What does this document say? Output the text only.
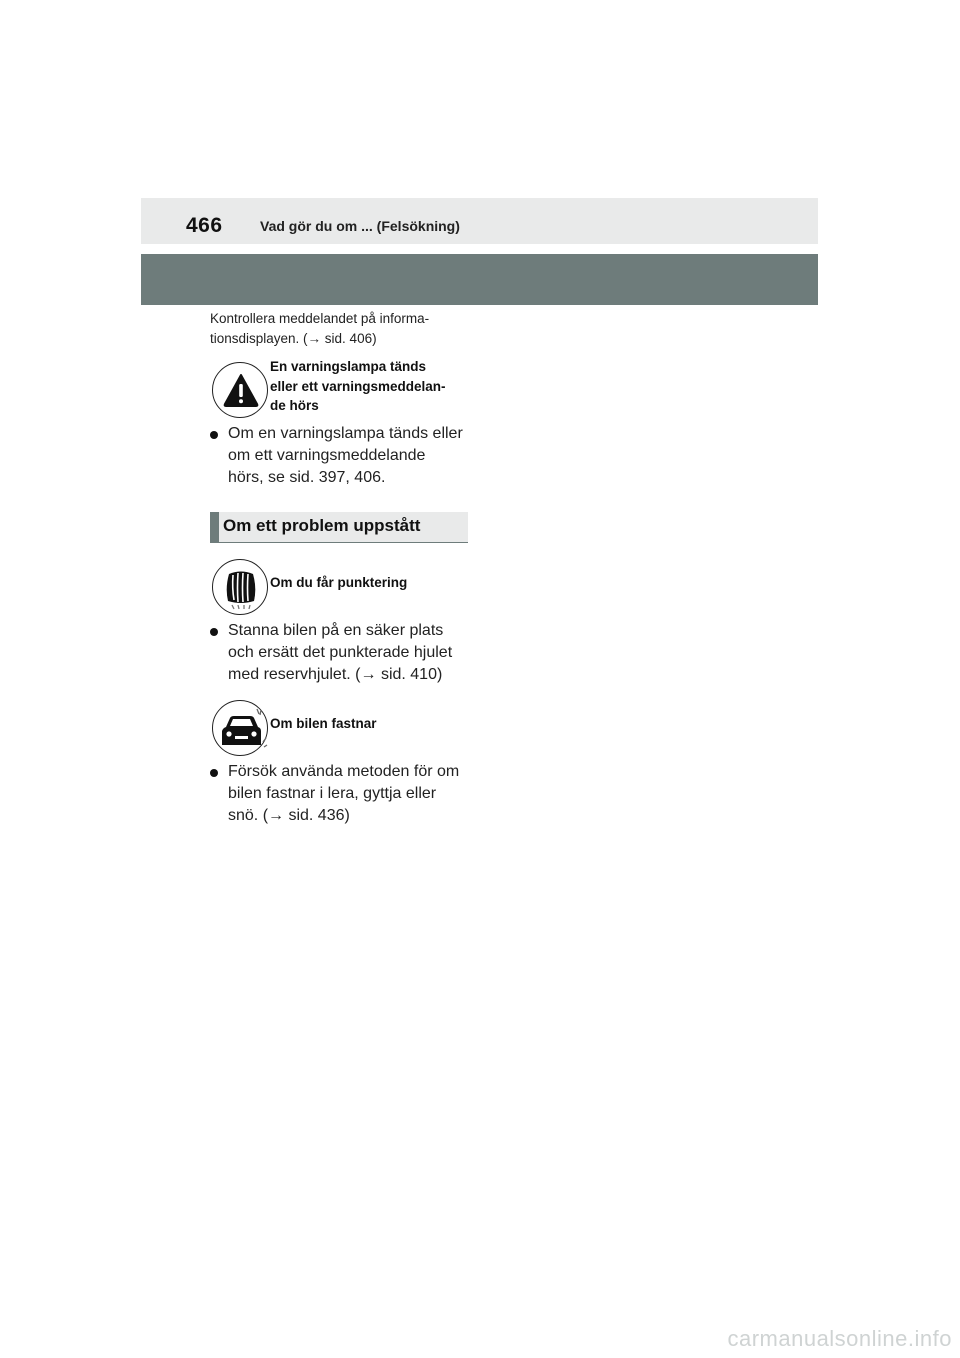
466	Vad gör du om ... (Felsökning)
Kontrollera meddelandet på informa-
tionsdisplayen. (→ sid. 406)
En varningslampa tänds
eller ett varningsmeddelan-
de hörs
Om en varningslampa tänds eller
om ett varningsmeddelande
hörs, se sid. 397, 406.
Om ett problem uppstått
Om du får punktering
Stanna bilen på en säker plats
och ersätt det punkterade hjulet
med reservhjulet. (→ sid. 410)
Om bilen fastnar
Försök använda metoden för om
bilen fastnar i lera, gyttja eller
snö. (→ sid. 436)
carmanualsonline.info
